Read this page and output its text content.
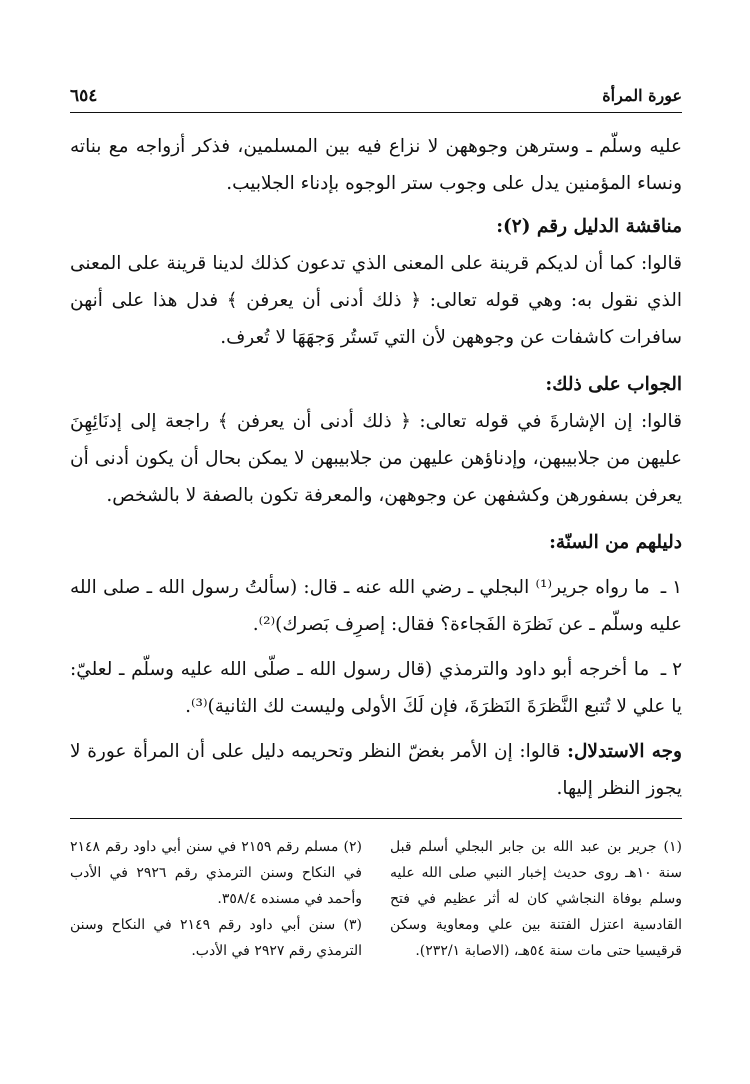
عورة المرأة
٦٥٤

عليه وسلّم ـ وسترهن وجوههن لا نزاع فيه بين المسلمين، فذكر أزواجه مع بناته ونساء المؤمنين يدل على وجوب ستر الوجوه بإدناء الجلابيب.

مناقشة الدليل رقم (٢):

قالوا: كما أن لديكم قرينة على المعنى الذي تدعون كذلك لدينا قرينة على المعنى الذي نقول به: وهي قوله تعالى: ﴿ ذلك أدنى أن يعرفن ﴾ فدل هذا على أنهن سافرات كاشفات عن وجوههن لأن التي تَستُر وَجهَهَا لا تُعرف.

الجواب على ذلك:

قالوا: إن الإشارةَ في قوله تعالى: ﴿ ذلك أدنى أن يعرفن ﴾ راجعة إلى إدنَائِهِنَ عليهن من جلابيبهن، وإدناؤهن عليهن من جلابيبهن لا يمكن بحال أن يكون أدنى أن يعرفن بسفورهن وكشفهن عن وجوههن، والمعرفة تكون بالصفة لا بالشخص.

دليلهم من السنّة:

١ ـ ما رواه جرير⁽¹⁾ البجلي ـ رضي الله عنه ـ قال: (سألتُ رسول الله ـ صلى الله عليه وسلّم ـ عن نَظرَة الفَجاءة؟ فقال: إصرِف بَصرك)⁽²⁾.

٢ ـ ما أخرجه أبو داود والترمذي (قال رسول الله ـ صلّى الله عليه وسلّم ـ لعليّ: يا علي لا تُتبع النَّظرَةَ النَظرَةَ، فإن لَكَ الأولى وليست لك الثانية)⁽³⁾.

وجه الاستدلال: قالوا: إن الأمر بغضّ النظر وتحريمه دليل على أن المرأة عورة لا يجوز النظر إليها.

(١) جرير بن عبد الله بن جابر البجلي أسلم قبل سنة ١٠هـ روى حديث إخبار النبي صلى الله عليه وسلم بوفاة النجاشي كان له أثر عظيم في فتح القادسية اعتزل الفتنة بين علي ومعاوية وسكن قرقيسيا حتى مات سنة ٥٤هـ، (الاصابة ٢٣٢/١).

(٢) مسلم رقم ٢١٥٩ في سنن أبي داود رقم ٢١٤٨ في النكاح وسنن الترمذي رقم ٢٩٢٦ في الأدب وأحمد في مسنده ٣٥٨/٤.

(٣) سنن أبي داود رقم ٢١٤٩ في النكاح وسنن الترمذي رقم ٢٩٢٧ في الأدب.
